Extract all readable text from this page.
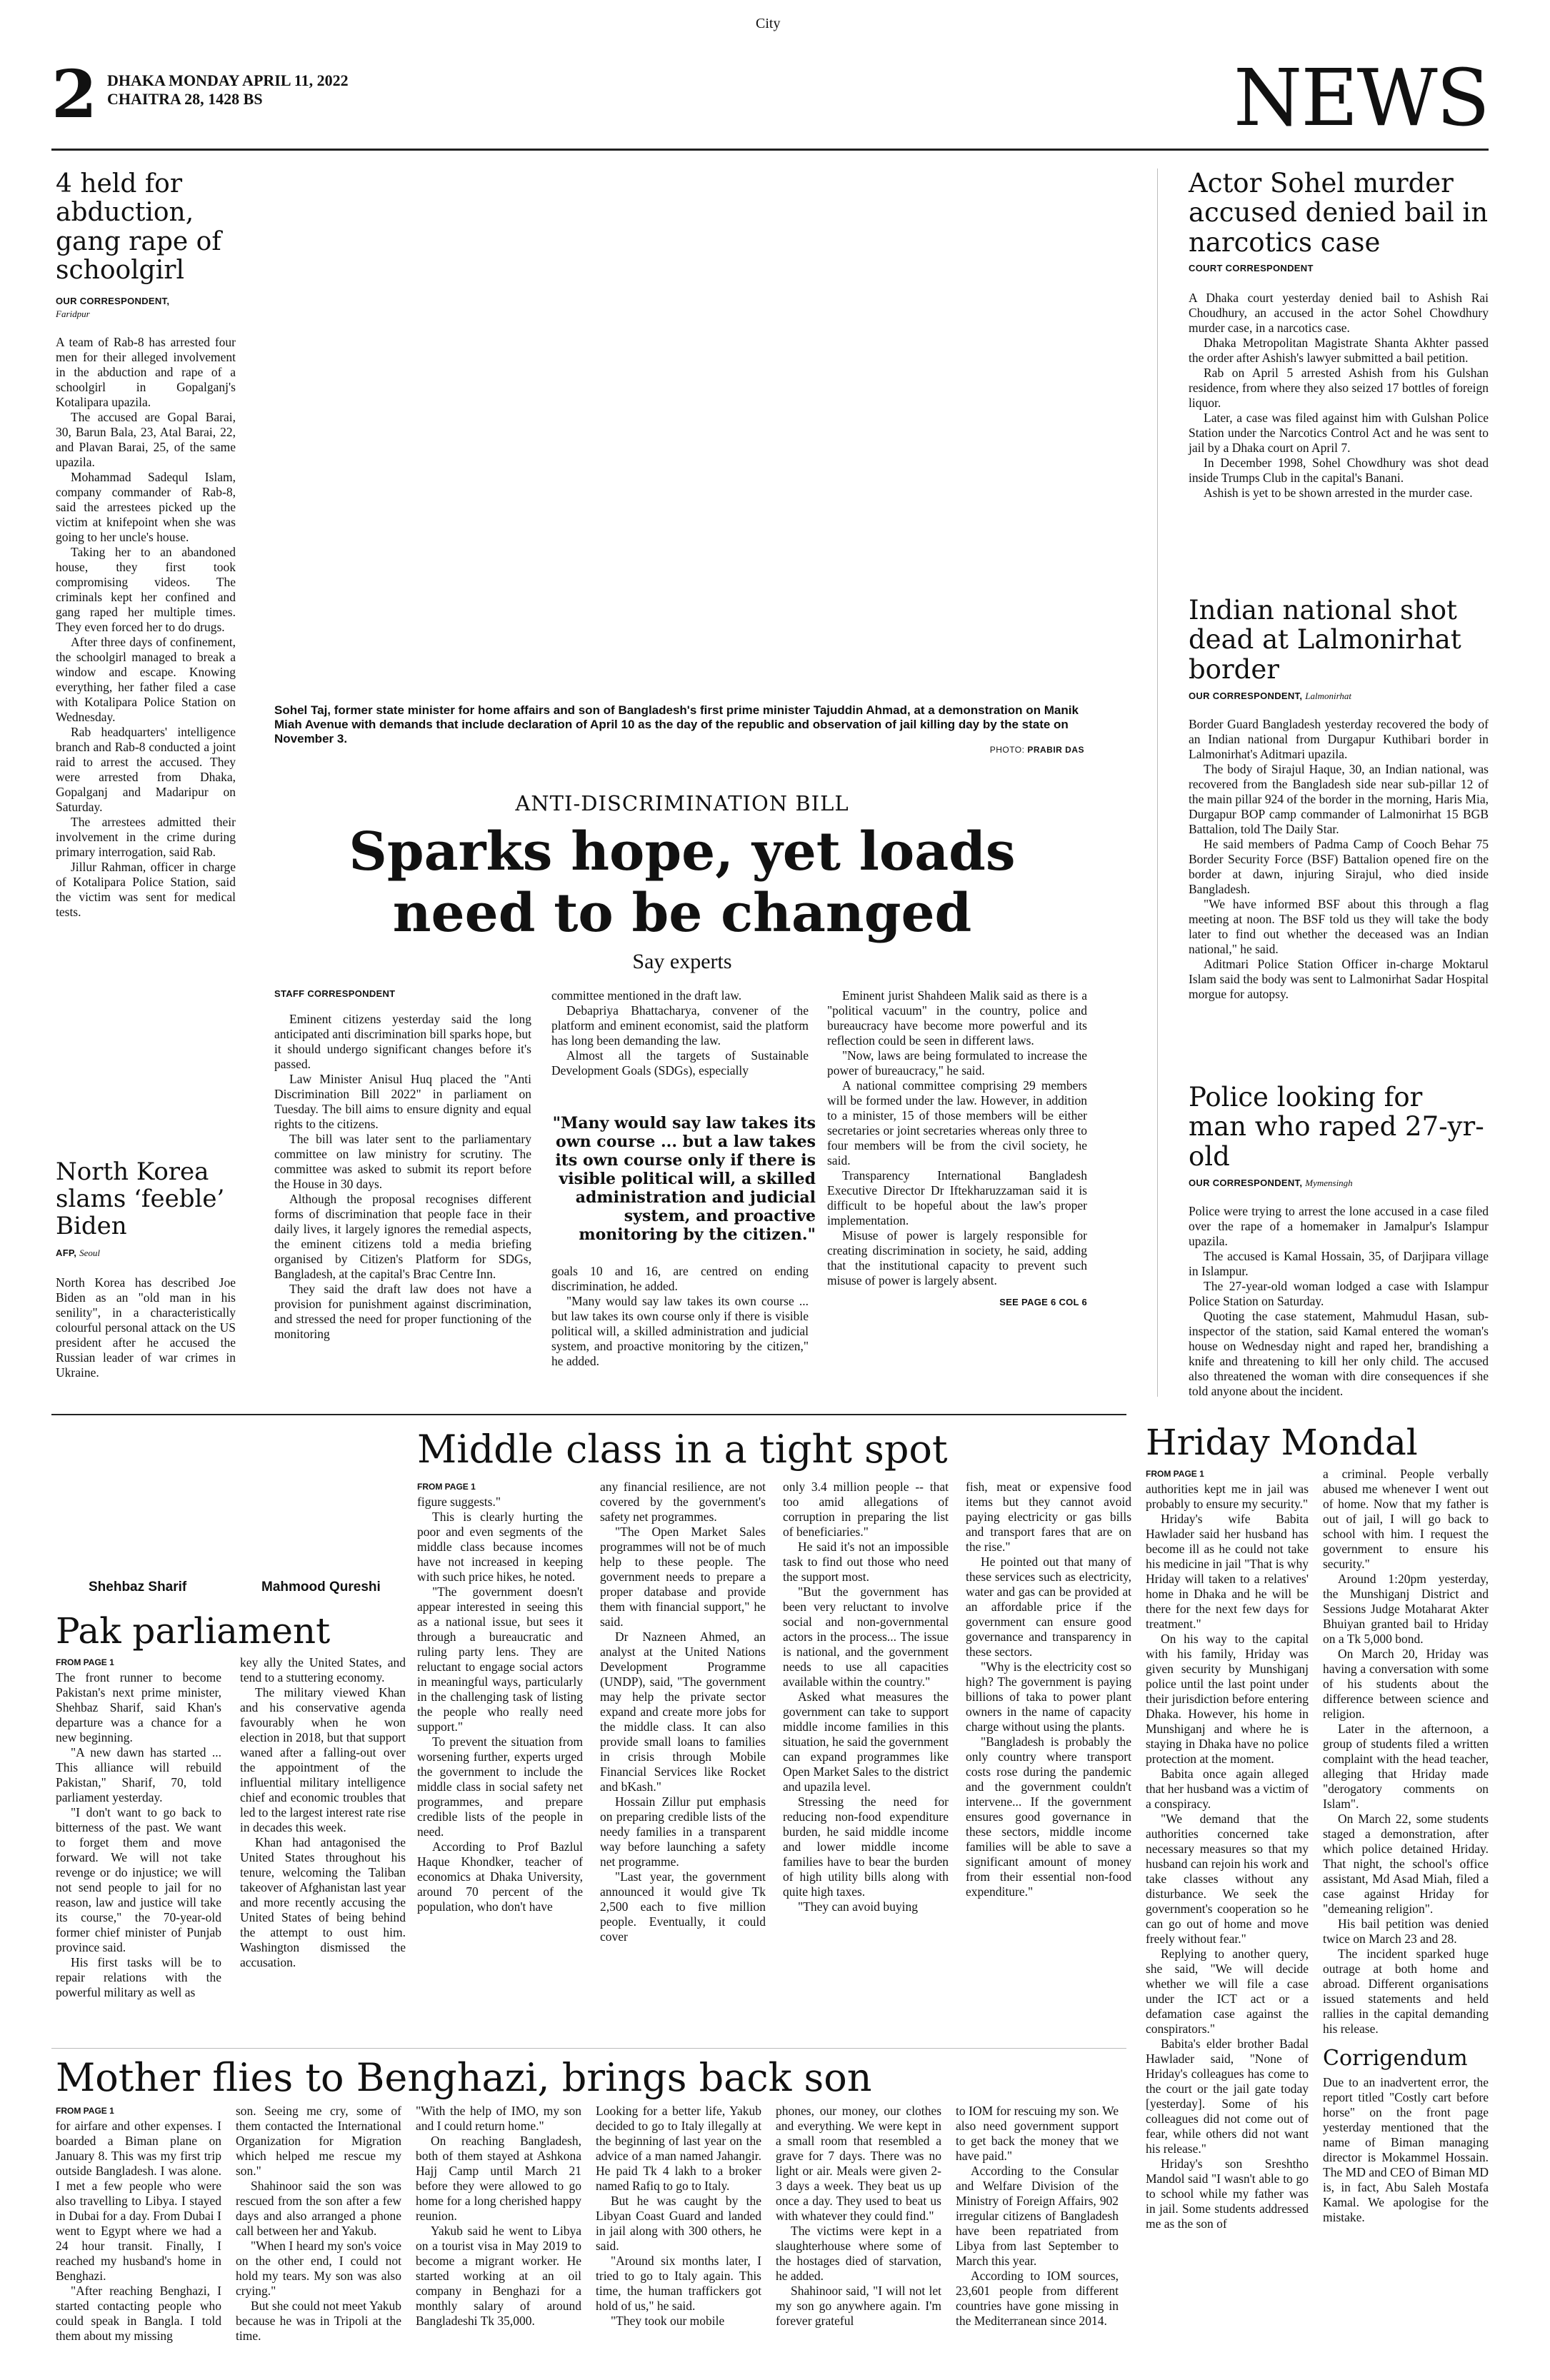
City
2 DHAKA MONDAY APRIL 11, 2022
CHAITRA 28, 1428 BS	NEWS
4 held for abduction, gang rape of schoolgirl
OUR CORRESPONDENT,
Faridpur

A team of Rab-8 has arrested four men for their alleged involvement in the abduction and rape of a schoolgirl in Gopalganj's Kotalipara upazila.

The accused are Gopal Barai, 30, Barun Bala, 23, Atal Barai, 22, and Plavan Barai, 25, of the same upazila.

Mohammad Sadequl Islam, company commander of Rab-8, said the arrestees picked up the victim at knifepoint when she was going to her uncle's house.

Taking her to an abandoned house, they first took compromising videos. The criminals kept her confined and gang raped her multiple times. They even forced her to do drugs.

After three days of confinement, the schoolgirl managed to break a window and escape. Knowing everything, her father filed a case with Kotalipara Police Station on Wednesday.

Rab headquarters' intelligence branch and Rab-8 conducted a joint raid to arrest the accused. They were arrested from Dhaka, Gopalganj and Madaripur on Saturday.

The arrestees admitted their involvement in the crime during primary interrogation, said Rab.

Jillur Rahman, officer in charge of Kotalipara Police Station, said the victim was sent for medical tests.

North Korea slams ‘feeble’ Biden
AFP, Seoul

North Korea has described Joe Biden as an "old man in his senility", in a characteristically colourful personal attack on the US president after he accused the Russian leader of war crimes in Ukraine.

Sohel Taj, former state minister for home affairs and son of Bangladesh's first prime minister Tajuddin Ahmad, at a demonstration on Manik Miah Avenue with demands that include declaration of April 10 as the day of the republic and observation of jail killing day by the state on November 3.
PHOTO: PRABIR DAS
ANTI-DISCRIMINATION BILL
Sparks hope, yet loads
need to be changed
Say experts
STAFF CORRESPONDENT

Eminent citizens yesterday said the long anticipated anti discrimination bill sparks hope, but it should undergo significant changes before it's passed.

Law Minister Anisul Huq placed the "Anti Discrimination Bill 2022" in parliament on Tuesday. The bill aims to ensure dignity and equal rights to the citizens.

The bill was later sent to the parliamentary committee on law ministry for scrutiny. The committee was asked to submit its report before the House in 30 days.

Although the proposal recognises different forms of discrimination that people face in their daily lives, it largely ignores the remedial aspects, the eminent citizens told a media briefing organised by Citizen's Platform for SDGs, Bangladesh, at the capital's Brac Centre Inn.

They said the draft law does not have a provision for punishment against discrimination, and stressed the need for proper functioning of the monitoring

committee mentioned in the draft law.

Debapriya Bhattacharya, convener of the platform and eminent economist, said the platform has long been demanding the law.

Almost all the targets of Sustainable Development Goals (SDGs), especially

"Many would say law takes its own course ... but a law takes its own course only if there is visible political will, a skilled administration and judicial system, and proactive monitoring by the citizen."

goals 10 and 16, are centred on ending discrimination, he added.

"Many would say law takes its own course ... but law takes its own course only if there is visible political will, a skilled administration and judicial system, and proactive monitoring by the citizen," he added.

Eminent jurist Shahdeen Malik said as there is a "political vacuum" in the country, police and bureaucracy have become more powerful and its reflection could be seen in different laws.

"Now, laws are being formulated to increase the power of bureaucracy," he said.

A national committee comprising 29 members will be formed under the law. However, in addition to a minister, 15 of those members will be either secretaries or joint secretaries whereas only three to four members will be from the civil society, he said.

Transparency International Bangladesh Executive Director Dr Iftekharuzzaman said it is difficult to be hopeful about the law's proper implementation.

Misuse of power is largely responsible for creating discrimination in society, he said, adding that the institutional capacity to prevent such misuse of power is largely absent.

SEE PAGE 6 COL 6
Actor Sohel murder accused denied bail in narcotics case
COURT CORRESPONDENT

A Dhaka court yesterday denied bail to Ashish Rai Choudhury, an accused in the actor Sohel Chowdhury murder case, in a narcotics case.

Dhaka Metropolitan Magistrate Shanta Akhter passed the order after Ashish's lawyer submitted a bail petition.

Rab on April 5 arrested Ashish from his Gulshan residence, from where they also seized 17 bottles of foreign liquor.

Later, a case was filed against him with Gulshan Police Station under the Narcotics Control Act and he was sent to jail by a Dhaka court on April 7.

In December 1998, Sohel Chowdhury was shot dead inside Trumps Club in the capital's Banani.

Ashish is yet to be shown arrested in the murder case.

Indian national shot dead at Lalmonirhat border
OUR CORRESPONDENT, Lalmonirhat

Border Guard Bangladesh yesterday recovered the body of an Indian national from Durgapur Kuthibari border in Lalmonirhat's Aditmari upazila.

The body of Sirajul Haque, 30, an Indian national, was recovered from the Bangladesh side near sub-pillar 12 of the main pillar 924 of the border in the morning, Haris Mia, Durgapur BOP camp commander of Lalmonirhat 15 BGB Battalion, told The Daily Star.

He said members of Padma Camp of Cooch Behar 75 Border Security Force (BSF) Battalion opened fire on the border at dawn, injuring Sirajul, who died inside Bangladesh.

"We have informed BSF about this through a flag meeting at noon. The BSF told us they will take the body later to find out whether the deceased was an Indian national," he said.

Aditmari Police Station Officer in-charge Moktarul Islam said the body was sent to Lalmonirhat Sadar Hospital morgue for autopsy.

Police looking for man who raped 27-yr-old
OUR CORRESPONDENT, Mymensingh

Police were trying to arrest the lone accused in a case filed over the rape of a homemaker in Jamalpur's Islampur upazila.

The accused is Kamal Hossain, 35, of Darjipara village in Islampur.

The 27-year-old woman lodged a case with Islampur Police Station on Saturday.

Quoting the case statement, Mahmudul Hasan, sub-inspector of the station, said Kamal entered the woman's house on Wednesday night and raped her, brandishing a knife and threatening to kill her only child. The accused also threatened the woman with dire consequences if she told anyone about the incident.

Shehbaz Sharif	Mahmood Qureshi
Pak parliament
FROM PAGE 1

The front runner to become Pakistan's next prime minister, Shehbaz Sharif, said Khan's departure was a chance for a new beginning.

"A new dawn has started ... This alliance will rebuild Pakistan," Sharif, 70, told parliament yesterday.

"I don't want to go back to bitterness of the past. We want to forget them and move forward. We will not take revenge or do injustice; we will not send people to jail for no reason, law and justice will take its course," the 70-year-old former chief minister of Punjab province said.

His first tasks will be to repair relations with the powerful military as well as

key ally the United States, and tend to a stuttering economy.

The military viewed Khan and his conservative agenda favourably when he won election in 2018, but that support waned after a falling-out over the appointment of the influential military intelligence chief and economic troubles that led to the largest interest rate rise in decades this week.

Khan had antagonised the United States throughout his tenure, welcoming the Taliban takeover of Afghanistan last year and more recently accusing the United States of being behind the attempt to oust him. Washington dismissed the accusation.

Middle class in a tight spot
FROM PAGE 1

figure suggests."

This is clearly hurting the poor and even segments of the middle class because incomes have not increased in keeping with such price hikes, he noted.

"The government doesn't appear interested in seeing this as a national issue, but sees it through a bureaucratic and ruling party lens. They are reluctant to engage social actors in meaningful ways, particularly in the challenging task of listing the people who really need support."

To prevent the situation from worsening further, experts urged the government to include the middle class in social safety net programmes, and prepare credible lists of the people in need.

According to Prof Bazlul Haque Khondker, teacher of economics at Dhaka University, around 70 percent of the population, who don't have

any financial resilience, are not covered by the government's safety net programmes.

"The Open Market Sales programmes will not be of much help to these people. The government needs to prepare a proper database and provide them with financial support," he said.

Dr Nazneen Ahmed, an analyst at the United Nations Development Programme (UNDP), said, "The government may help the private sector expand and create more jobs for the middle class. It can also provide small loans to families in crisis through Mobile Financial Services like Rocket and bKash."

Hossain Zillur put emphasis on preparing credible lists of the needy families in a transparent way before launching a safety net programme.

"Last year, the government announced it would give Tk 2,500 each to five million people. Eventually, it could cover

only 3.4 million people -- that too amid allegations of corruption in preparing the list of beneficiaries."

He said it's not an impossible task to find out those who need the support most.

"But the government has been very reluctant to involve social and non-governmental actors in the process... The issue is national, and the government needs to use all capacities available within the country."

Asked what measures the government can take to support middle income families in this situation, he said the government can expand programmes like Open Market Sales to the district and upazila level.

Stressing the need for reducing non-food expenditure burden, he said middle income and lower middle income families have to bear the burden of high utility bills along with quite high taxes.

"They can avoid buying

fish, meat or expensive food items but they cannot avoid paying electricity or gas bills and transport fares that are on the rise."

He pointed out that many of these services such as electricity, water and gas can be provided at an affordable price if the government can ensure good governance and transparency in these sectors.

"Why is the electricity cost so high? The government is paying billions of taka to power plant owners in the name of capacity charge without using the plants.

"Bangladesh is probably the only country where transport costs rose during the pandemic and the government couldn't intervene... If the government ensures good governance in these sectors, middle income families will be able to save a significant amount of money from their essential non-food expenditure."

Hriday Mondal
FROM PAGE 1

authorities kept me in jail was probably to ensure my security."

Hriday's wife Babita Hawlader said her husband has become ill as he could not take his medicine in jail "That is why Hriday will taken to a relatives' home in Dhaka and he will be there for the next few days for treatment."

On his way to the capital with his family, Hriday was given security by Munshiganj police until the last point under their jurisdiction before entering Dhaka. However, his home in Munshiganj and where he is staying in Dhaka have no police protection at the moment.

Babita once again alleged that her husband was a victim of a conspiracy.

"We demand that the authorities concerned take necessary measures so that my husband can rejoin his work and take classes without any disturbance. We seek the government's cooperation so he can go out of home and move freely without fear."

Replying to another query, she said, "We will decide whether we will file a case under the ICT act or a defamation case against the conspirators."

Babita's elder brother Badal Hawlader said, "None of Hriday's colleagues has come to the court or the jail gate today [yesterday]. Some of his colleagues did not come out of fear, while others did not want his release."

Hriday's son Sreshtho Mandol said "I wasn't able to go to school while my father was in jail. Some students addressed me as the son of

a criminal. People verbally abused me whenever I went out of home. Now that my father is out of jail, I will go back to school with him. I request the government to ensure his security."

Around 1:20pm yesterday, the Munshiganj District and Sessions Judge Motaharat Akter Bhuiyan granted bail to Hriday on a Tk 5,000 bond.

On March 20, Hriday was having a conversation with some of his students about the difference between science and religion.

Later in the afternoon, a group of students filed a written complaint with the head teacher, alleging that Hriday made "derogatory comments on Islam".

On March 22, some students staged a demonstration, after which police detained Hriday. That night, the school's office assistant, Md Asad Miah, filed a case against Hriday for "demeaning religion".

His bail petition was denied twice on March 23 and 28.

The incident sparked huge outrage at both home and abroad. Different organisations issued statements and held rallies in the capital demanding his release.

Corrigendum

Due to an inadvertent error, the report titled "Costly cart before horse" on the front page yesterday mentioned that the name of Biman managing director is Mokammel Hossain. The MD and CEO of Biman MD is, in fact, Abu Saleh Mostafa Kamal. We apologise for the mistake.

Mother flies to Benghazi, brings back son
FROM PAGE 1

for airfare and other expenses. I boarded a Biman plane on January 8. This was my first trip outside Bangladesh. I was alone. I met a few people who were also travelling to Libya. I stayed in Dubai for a day. From Dubai I went to Egypt where we had a 24 hour transit. Finally, I reached my husband's home in Benghazi.

"After reaching Benghazi, I started contacting people who could speak in Bangla. I told them about my missing

son. Seeing me cry, some of them contacted the International Organization for Migration which helped me rescue my son."

Shahinoor said the son was rescued from the son after a few days and also arranged a phone call between her and Yakub.

"When I heard my son's voice on the other end, I could not hold my tears. My son was also crying."

But she could not meet Yakub because he was in Tripoli at the time.

"With the help of IMO, my son and I could return home."

On reaching Bangladesh, both of them stayed at Ashkona Hajj Camp until March 21 before they were allowed to go home for a long cherished happy reunion.

Yakub said he went to Libya on a tourist visa in May 2019 to become a migrant worker. He started working at an oil company in Benghazi for a monthly salary of around Bangladeshi Tk 35,000.

Looking for a better life, Yakub decided to go to Italy illegally at the beginning of last year on the advice of a man named Jahangir. He paid Tk 4 lakh to a broker named Rafiq to go to Italy.

But he was caught by the Libyan Coast Guard and landed in jail along with 300 others, he said.

"Around six months later, I tried to go to Italy again. This time, the human traffickers got hold of us," he said.

"They took our mobile

phones, our money, our clothes and everything. We were kept in a small room that resembled a grave for 7 days. There was no light or air. Meals were given 2-3 days a week. They beat us up once a day. They used to beat us with whatever they could find."

The victims were kept in a slaughterhouse where some of the hostages died of starvation, he added.

Shahinoor said, "I will not let my son go anywhere again. I'm forever grateful

to IOM for rescuing my son. We also need government support to get back the money that we have paid."

According to the Consular and Welfare Division of the Ministry of Foreign Affairs, 902 irregular citizens of Bangladesh have been repatriated from Libya from last September to March this year.

According to IOM sources, 23,601 people from different countries have gone missing in the Mediterranean since 2014.
